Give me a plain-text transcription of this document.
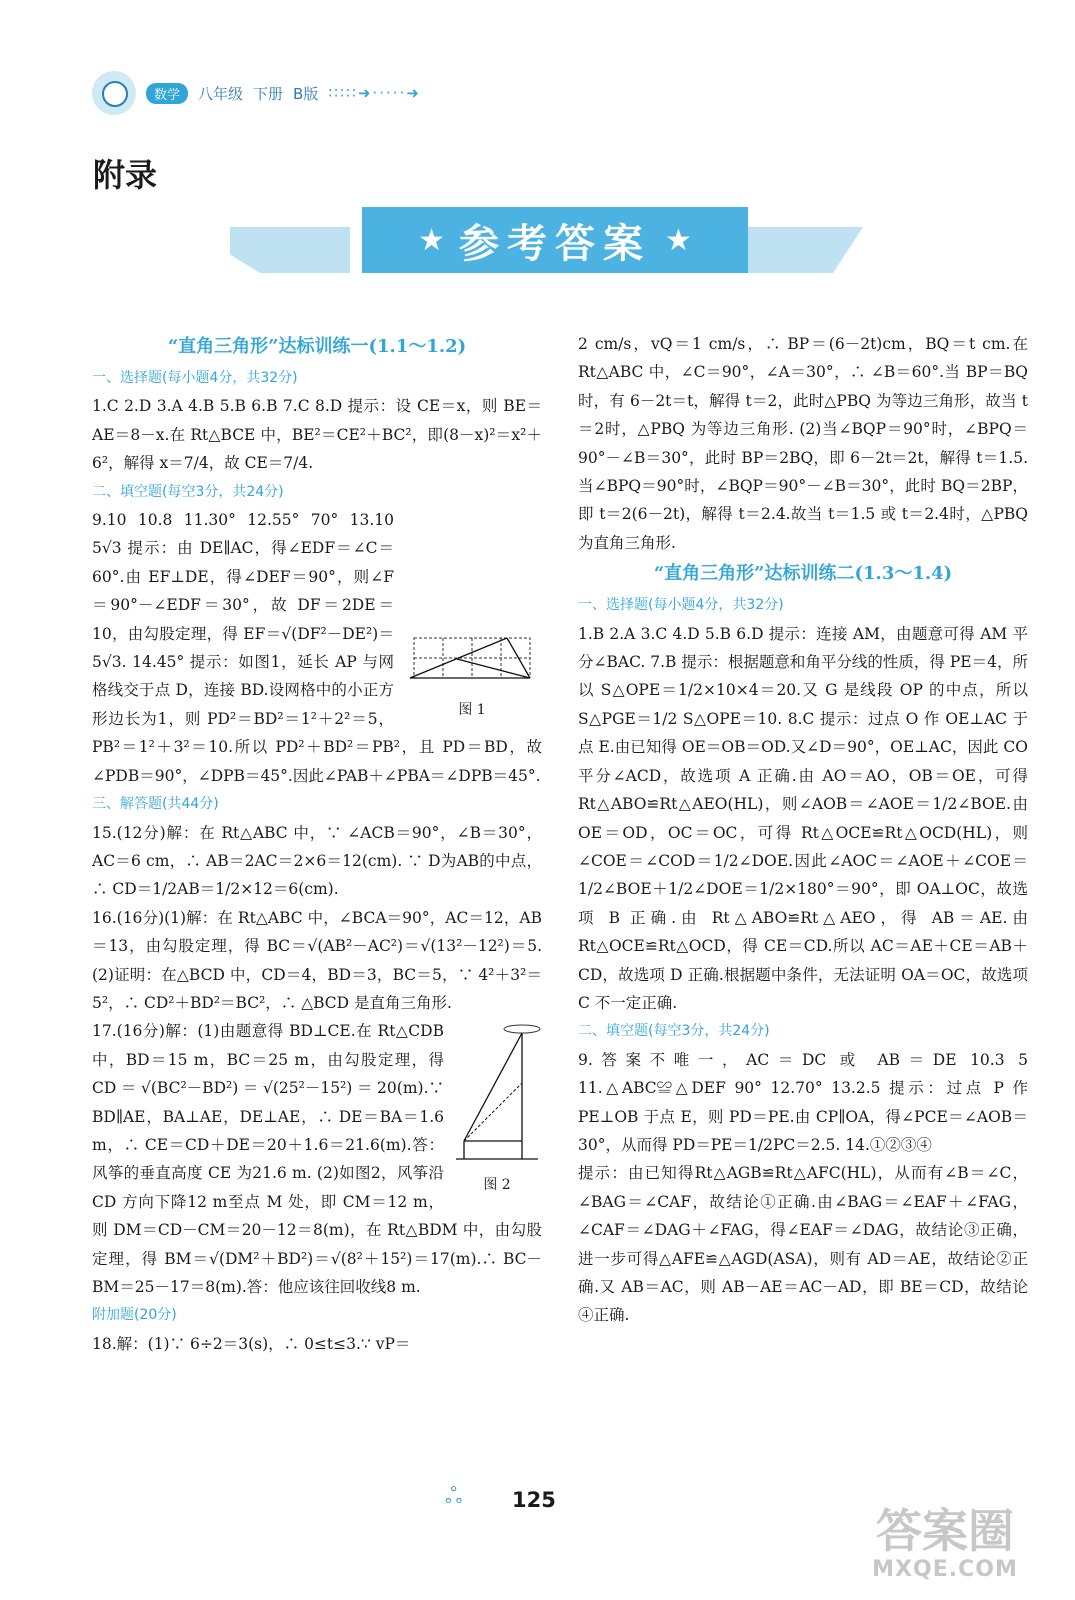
数学	八年级 下册 B版 ∶∶∶∶∶➜·····➜
附录
★ 参考答案 ★
“直角三角形”达标训练一(1.1～1.2)
一、选择题(每小题4分，共32分)

1.C 2.D 3.A 4.B 5.B 6.B 7.C 8.D 提示：设 CE＝x，则 BE＝AE＝8－x.在 Rt△BCE 中，BE²＝CE²＋BC²，即(8－x)²＝x²＋6²，解得 x＝7/4，故 CE＝7/4.

二、填空题(每空3分，共24分)
图 1

9.10 10.8 11.30° 12.55° 70° 13.10 5√3 提示：由 DE∥AC，得∠EDF＝∠C＝60°.由 EF⊥DE，得∠DEF＝90°，则∠F＝90°－∠EDF＝30°，故 DF＝2DE＝10，由勾股定理，得 EF＝√(DF²－DE²)＝5√3. 14.45° 提示：如图1，延长 AP 与网格线交于点 D，连接 BD.设网格中的小正方形边长为1，则 PD²＝BD²＝1²＋2²＝5，PB²＝1²＋3²＝10.所以 PD²＋BD²＝PB²，且 PD＝BD，故∠PDB＝90°，∠DPB＝45°.因此∠PAB＋∠PBA＝∠DPB＝45°.

三、解答题(共44分)

15.(12分)解：在 Rt△ABC 中，∵ ∠ACB＝90°，∠B＝30°，AC＝6 cm，∴ AB＝2AC＝2×6＝12(cm). ∵ D为AB的中点，∴ CD＝1/2AB＝1/2×12＝6(cm).

16.(16分)(1)解：在 Rt△ABC 中，∠BCA＝90°，AC＝12，AB＝13，由勾股定理，得 BC＝√(AB²－AC²)＝√(13²－12²)＝5. (2)证明：在△BCD 中，CD＝4，BD＝3，BC＝5，∵ 4²＋3²＝5²，∴ CD²＋BD²＝BC²，∴ △BCD 是直角三角形.

图 2

17.(16分)解：(1)由题意得 BD⊥CE.在 Rt△CDB 中，BD＝15 m，BC＝25 m，由勾股定理，得 CD＝√(BC²－BD²)＝√(25²－15²)＝20(m).∵ BD∥AE，BA⊥AE，DE⊥AE，∴ DE＝BA＝1.6 m，∴ CE＝CD＋DE＝20＋1.6＝21.6(m).答：风筝的垂直高度 CE 为21.6 m. (2)如图2，风筝沿 CD 方向下降12 m至点 M 处，即 CM＝12 m，则 DM＝CD－CM＝20－12＝8(m)，在 Rt△BDM 中，由勾股定理，得 BM＝√(DM²＋BD²)＝√(8²＋15²)＝17(m).∴ BC－BM＝25－17＝8(m).答：他应该往回收线8 m.

附加题(20分)

18.解：(1)∵ 6÷2＝3(s)，∴ 0≤t≤3.∵ vP＝

2 cm/s，vQ＝1 cm/s，∴ BP＝(6－2t)cm，BQ＝t cm.在 Rt△ABC 中，∠C＝90°，∠A＝30°，∴ ∠B＝60°.当 BP＝BQ 时，有 6－2t＝t，解得 t＝2，此时△PBQ 为等边三角形，故当 t＝2时，△PBQ 为等边三角形. (2)当∠BQP＝90°时，∠BPQ＝90°－∠B＝30°，此时 BP＝2BQ，即 6－2t＝2t，解得 t＝1.5.当∠BPQ＝90°时，∠BQP＝90°－∠B＝30°，此时 BQ＝2BP，即 t＝2(6－2t)，解得 t＝2.4.故当 t＝1.5 或 t＝2.4时，△PBQ 为直角三角形.

“直角三角形”达标训练二(1.3～1.4)
一、选择题(每小题4分，共32分)

1.B 2.A 3.C 4.D 5.B 6.D 提示：连接 AM，由题意可得 AM 平分∠BAC. 7.B 提示：根据题意和角平分线的性质，得 PE＝4，所以 S△OPE＝1/2×10×4＝20.又 G 是线段 OP 的中点，所以 S△PGE＝1/2 S△OPE＝10. 8.C 提示：过点 O 作 OE⊥AC 于点 E.由已知得 OE＝OB＝OD.又∠D＝90°，OE⊥AC，因此 CO 平分∠ACD，故选项 A 正确.由 AO＝AO，OB＝OE，可得 Rt△ABO≌Rt△AEO(HL)，则∠AOB＝∠AOE＝1/2∠BOE.由 OE＝OD，OC＝OC，可得 Rt△OCE≌Rt△OCD(HL)，则∠COE＝∠COD＝1/2∠DOE.因此∠AOC＝∠AOE＋∠COE＝1/2∠BOE＋1/2∠DOE＝1/2×180°＝90°，即 OA⊥OC，故选项 B 正确.由 Rt△ABO≌Rt△AEO，得 AB＝AE.由 Rt△OCE≌Rt△OCD，得 CE＝CD.所以 AC＝AE＋CE＝AB＋CD，故选项 D 正确.根据题中条件，无法证明 OA＝OC，故选项 C 不一定正确.

二、填空题(每空3分，共24分)

9.答案不唯一，AC＝DC 或 AB＝DE 10.3 5 11.△ABC≌△DEF 90° 12.70° 13.2.5 提示：过点 P 作 PE⊥OB 于点 E，则 PD＝PE.由 CP∥OA，得∠PCE＝∠AOB＝30°，从而得 PD＝PE＝1/2PC＝2.5. 14.①②③④

提示：由已知得Rt△AGB≌Rt△AFC(HL)，从而有∠B＝∠C，∠BAG＝∠CAF，故结论①正确.由∠BAG＝∠EAF＋∠FAG，∠CAF＝∠DAG＋∠FAG，得∠EAF＝∠DAG，故结论③正确，进一步可得△AFE≌△AGD(ASA)，则有 AD＝AE，故结论②正确.又 AB＝AC，则 AB－AE＝AC－AD，即 BE＝CD，故结论④正确.

ஃ 125
答案圈
MXQE.COM
